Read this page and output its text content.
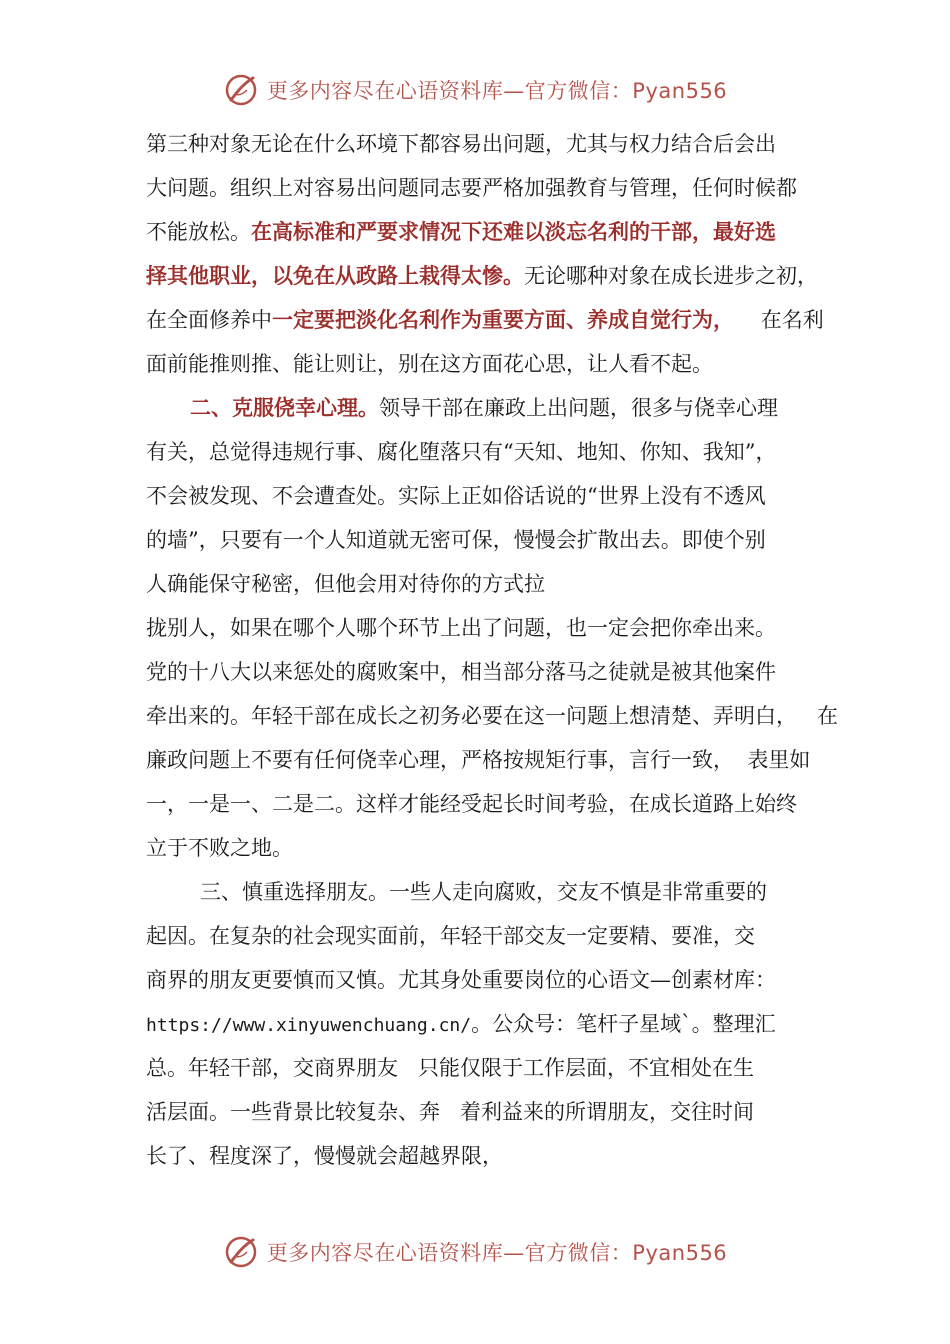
更多内容尽在心语资料库—官方微信：Pyan556
第三种对象无论在什么环境下都容易出问题，尤其与权力结合后会出
大问题。组织上对容易出问题同志要严格加强教育与管理，任何时候都
不能放松。在高标准和严要求情况下还难以淡忘名利的干部，最好选
择其他职业，以免在从政路上栽得太惨。无论哪种对象在成长进步之初，
在全面修养中一定要把淡化名利作为重要方面、养成自觉行为，    在名利
面前能推则推、能让则让，别在这方面花心思，让人看不起。
二、克服侥幸心理。领导干部在廉政上出问题，很多与侥幸心理
有关，总觉得违规行事、腐化堕落只有“天知、地知、你知、我知”，
不会被发现、不会遭查处。实际上正如俗话说的“世界上没有不透风
的墙”，只要有一个人知道就无密可保，慢慢会扩散出去。即使个别
人确能保守秘密，但他会用对待你的方式拉
拢别人，如果在哪个人哪个环节上出了问题，也一定会把你牵出来。
党的十八大以来惩处的腐败案中，相当部分落马之徒就是被其他案件
牵出来的。年轻干部在成长之初务必要在这一问题上想清楚、弄明白，   在
廉政问题上不要有任何侥幸心理，严格按规矩行事，言行一致，  表里如
一，一是一、二是二。这样才能经受起长时间考验，在成长道路上始终
立于不败之地。
三、慎重选择朋友。一些人走向腐败，交友不慎是非常重要的
起因。在复杂的社会现实面前，年轻干部交友一定要精、要准，交
商界的朋友更要慎而又慎。尤其身处重要岗位的心语文—创素材库：
https://www.xinyuwenchuang.cn/。公众号：笔杆子星域`。整理汇
总。年轻干部，交商界朋友   只能仅限于工作层面，不宜相处在生
活层面。一些背景比较复杂、奔   着利益来的所谓朋友，交往时间
长了、程度深了，慢慢就会超越界限，
更多内容尽在心语资料库—官方微信：Pyan556
